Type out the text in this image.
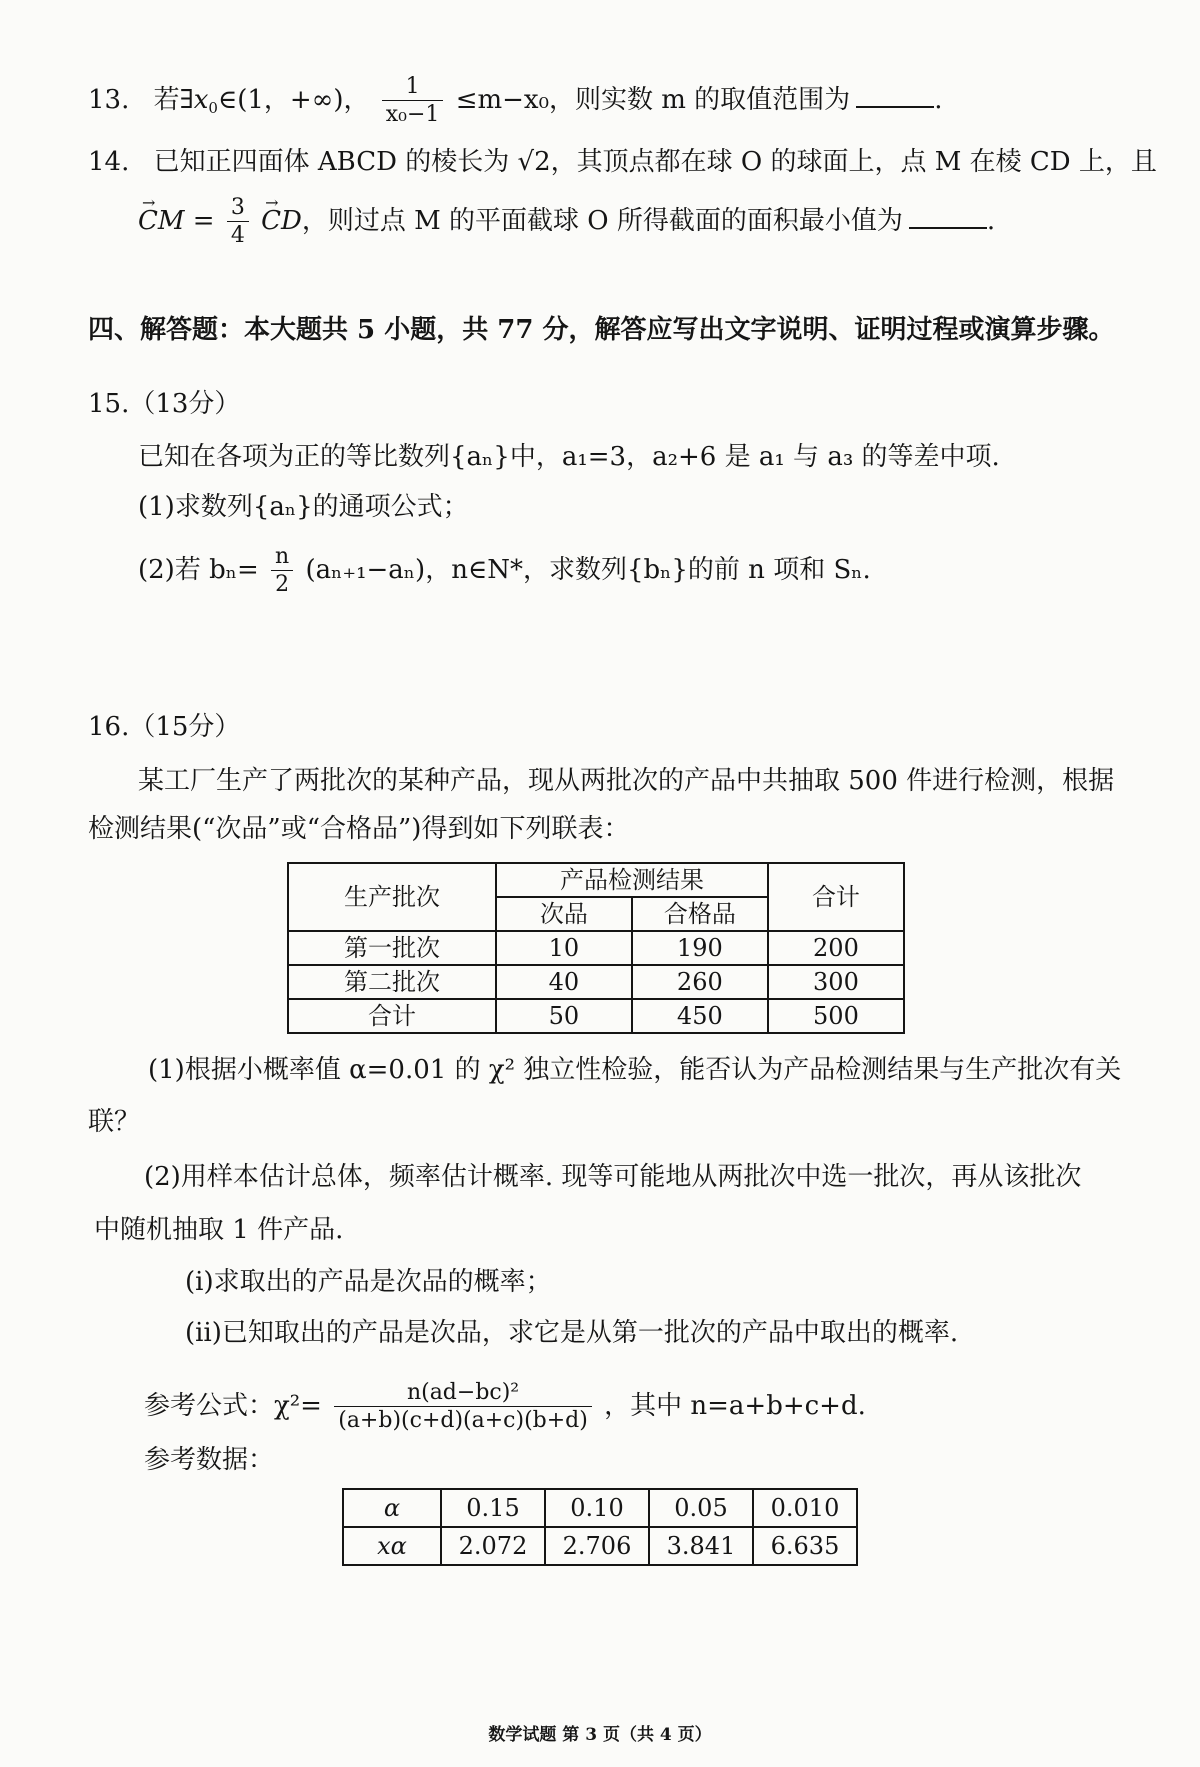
13. 若$\exists x_0\in(1$，+∞)， $\frac{1}{\text{x₀−1}} \le m-x_0$，则实数 m 的取值范围为	.
14. 已知正四面体 ABCD 的棱长为 √2，其顶点都在球 O 的球面上，点 M 在棱 CD 上，且
→ CM = $\frac{3}{4}$ → CD，则过点 M 的平面截球 O 所得截面的面积最小值为	.
四、解答题：本大题共 5 小题，共 77 分，解答应写出文字说明、证明过程或演算步骤。
15.（13分）
已知在各项为正的等比数列{aₙ}中，a₁=3，a₂+6 是 a₁ 与 a₃ 的等差中项.
(1)求数列{aₙ}的通项公式；
(2)若 $b_n= \frac{n}{2} (a_{n+1}-a_n)$，n∈N*，求数列{bₙ}的前 n 项和 Sₙ.
16.（15分）
某工厂生产了两批次的某种产品，现从两批次的产品中共抽取 500 件进行检测，根据
检测结果(“次品”或“合格品”)得到如下列联表：
生产批次	产品检测结果		合计
	次品	合格品	
第一批次	10	190	200
第二批次	40	260	300
合计	50	450	500
(1)根据小概率值 α=0.01 的 χ² 独立性检验，能否认为产品检测结果与生产批次有关
联？
(2)用样本估计总体，频率估计概率. 现等可能地从两批次中选一批次，再从该批次
中随机抽取 1 件产品.
(ⅰ)求取出的产品是次品的概率；
(ⅱ)已知取出的产品是次品，求它是从第一批次的产品中取出的概率.
参考公式：$\chi^2= \frac{\text{n(ad−bc)²}}{(a+b)(c+d)(a+c)(b+d)}$ ，其中 n=a+b+c+d.
参考数据：
α	0.15	0.10	0.05	0.010
xα	2.072	2.706	3.841	6.635
数学试题 第 3 页（共 4 页）
